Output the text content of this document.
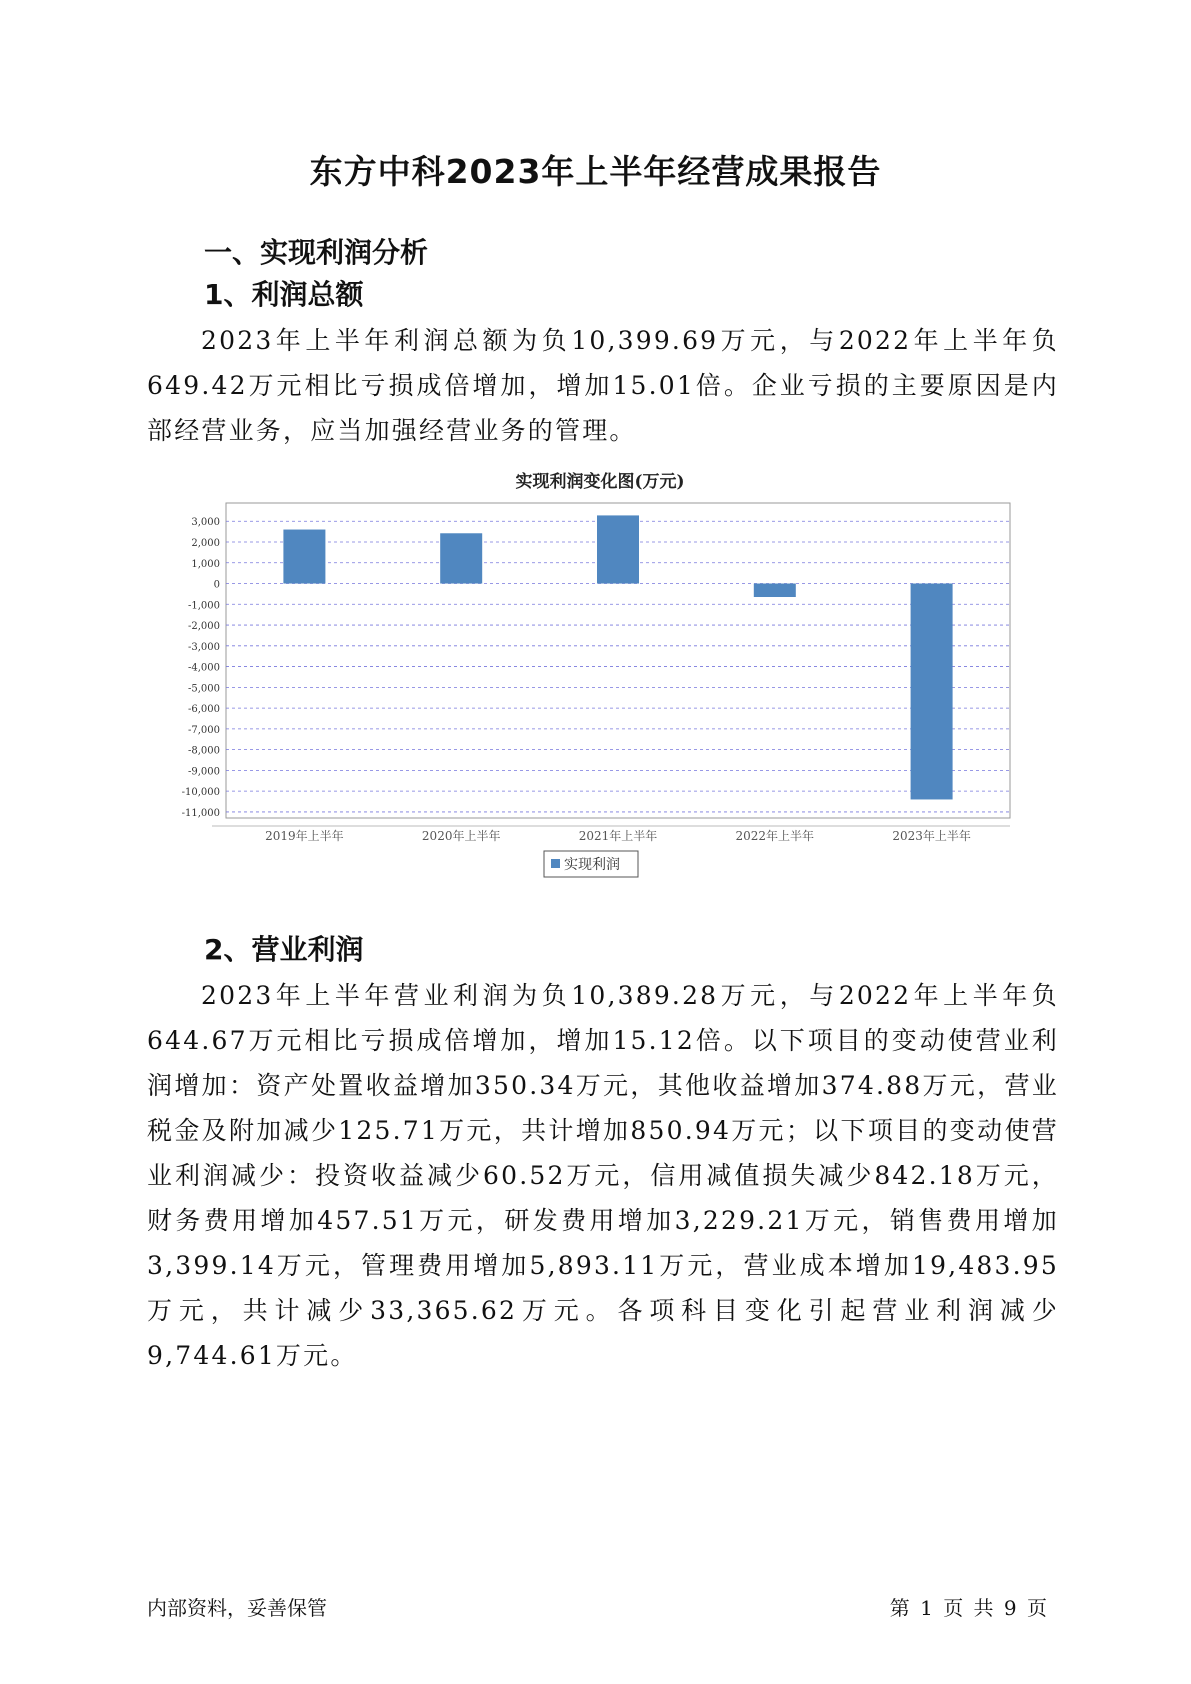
东方中科2023年上半年经营成果报告
一、实现利润分析
1、利润总额

2023年上半年利润总额为负10,399.69万元，与2022年上半年负649.42万元相比亏损成倍增加，增加15.01倍。企业亏损的主要原因是内部经营业务，应当加强经营业务的管理。

实现利润变化图(万元)
3,000
2,000
1,000
0
-1,000
-2,000
-3,000
-4,000
-5,000
-6,000
-7,000
-8,000
-9,000
-10,000
-11,000
2019年上半年	2020年上半年	2021年上半年	2022年上半年	2023年上半年
实现利润
2、营业利润

2023年上半年营业利润为负10,389.28万元，与2022年上半年负644.67万元相比亏损成倍增加，增加15.12倍。以下项目的变动使营业利润增加：资产处置收益增加350.34万元，其他收益增加374.88万元，营业税金及附加减少125.71万元，共计增加850.94万元；以下项目的变动使营业利润减少：投资收益减少60.52万元，信用减值损失减少842.18万元，财务费用增加457.51万元，研发费用增加3,229.21万元，销售费用增加3,399.14万元，管理费用增加5,893.11万元，营业成本增加19,483.95万元，共计减少33,365.62万元。各项科目变化引起营业利润减少9,744.61万元。

内部资料，妥善保管	第 1 页 共 9 页
